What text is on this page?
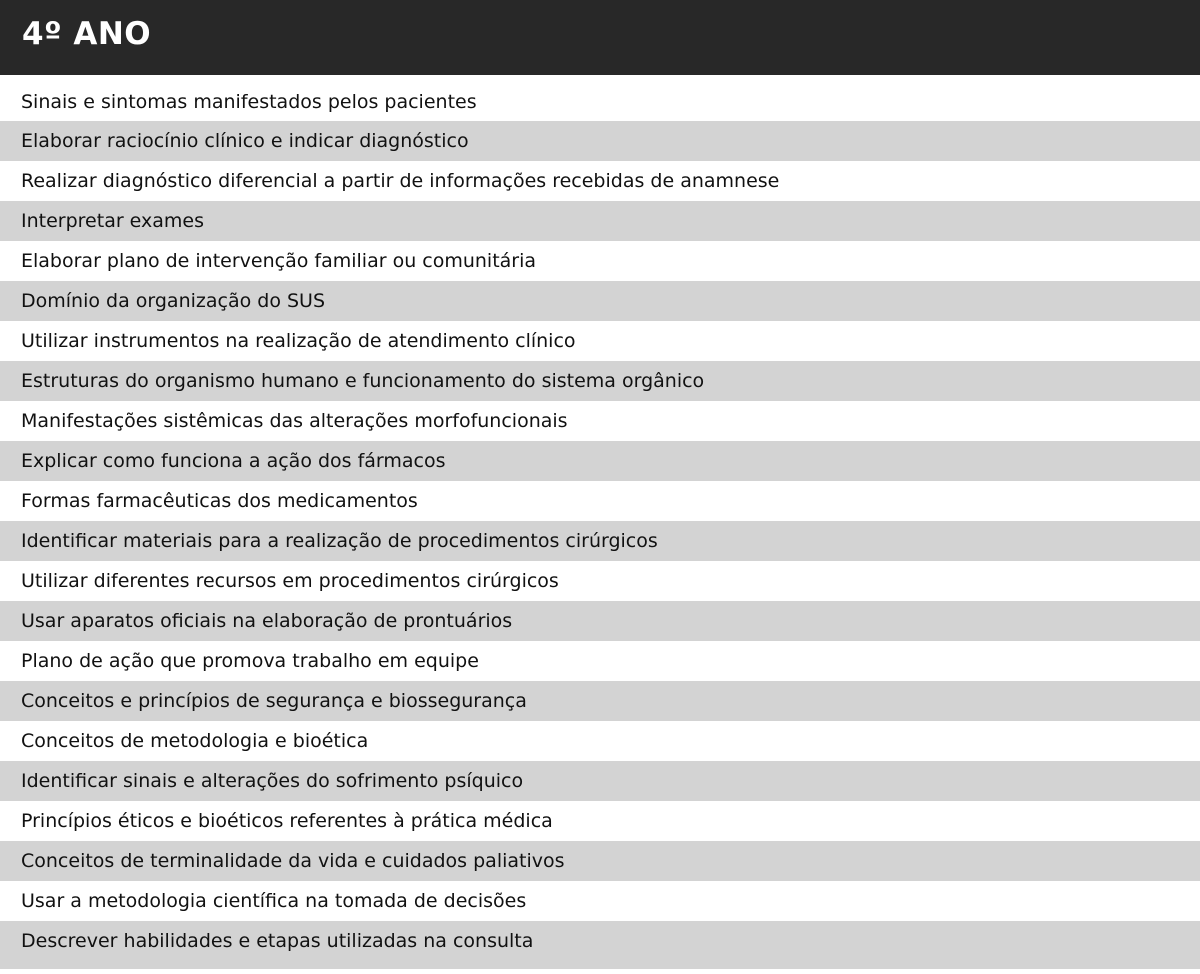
4º ANO
Sinais e sintomas manifestados pelos pacientes
Elaborar raciocínio clínico e indicar diagnóstico
Realizar diagnóstico diferencial a partir de informações recebidas de anamnese
Interpretar exames
Elaborar plano de intervenção familiar ou comunitária
Domínio da organização do SUS
Utilizar instrumentos na realização de atendimento clínico
Estruturas do organismo humano e funcionamento do sistema orgânico
Manifestações sistêmicas das alterações morfofuncionais
Explicar como funciona a ação dos fármacos
Formas farmacêuticas dos medicamentos
Identificar materiais para a realização de procedimentos cirúrgicos
Utilizar diferentes recursos em procedimentos cirúrgicos
Usar aparatos oficiais na elaboração de prontuários
Plano de ação que promova trabalho em equipe
Conceitos e princípios de segurança e biossegurança
Conceitos de metodologia e bioética
Identificar sinais e alterações do sofrimento psíquico
Princípios éticos e bioéticos referentes à prática médica
Conceitos de terminalidade da vida e cuidados paliativos
Usar a metodologia científica na tomada de decisões
Descrever habilidades e etapas utilizadas na consulta
